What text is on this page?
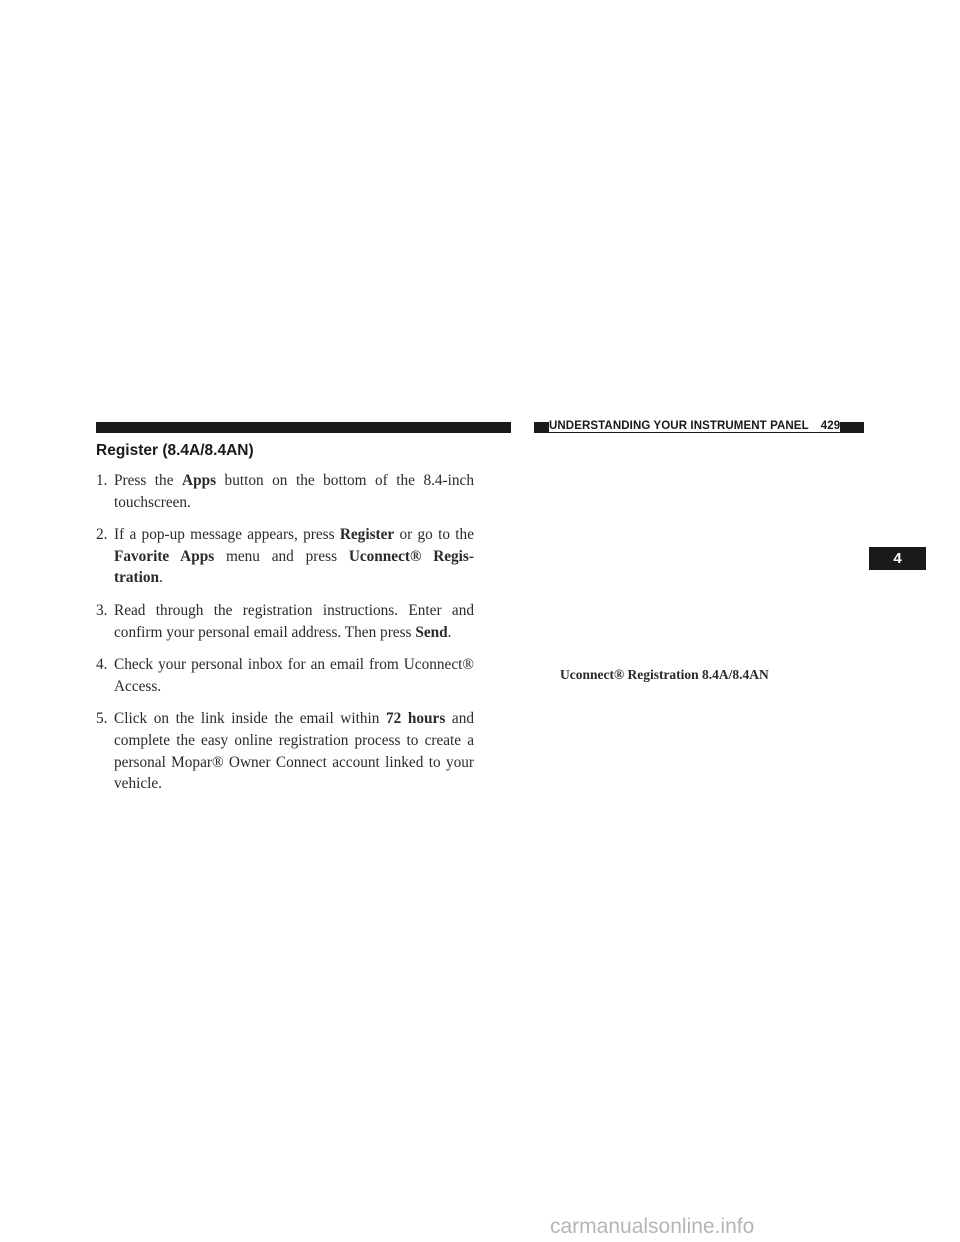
UNDERSTANDING YOUR INSTRUMENT PANEL 429
Register (8.4A/8.4AN)
1. Press the Apps button on the bottom of the 8.4-inch touchscreen.
2. If a pop-up message appears, press Register or go to the Favorite Apps menu and press Uconnect® Regis-tration.
3. Read through the registration instructions. Enter and confirm your personal email address. Then press Send.
4. Check your personal inbox for an email from Uconnect® Access.
5. Click on the link inside the email within 72 hours and complete the easy online registration process to create a personal Mopar® Owner Connect account linked to your vehicle.
Uconnect® Registration 8.4A/8.4AN
4
carmanualsonline.info
